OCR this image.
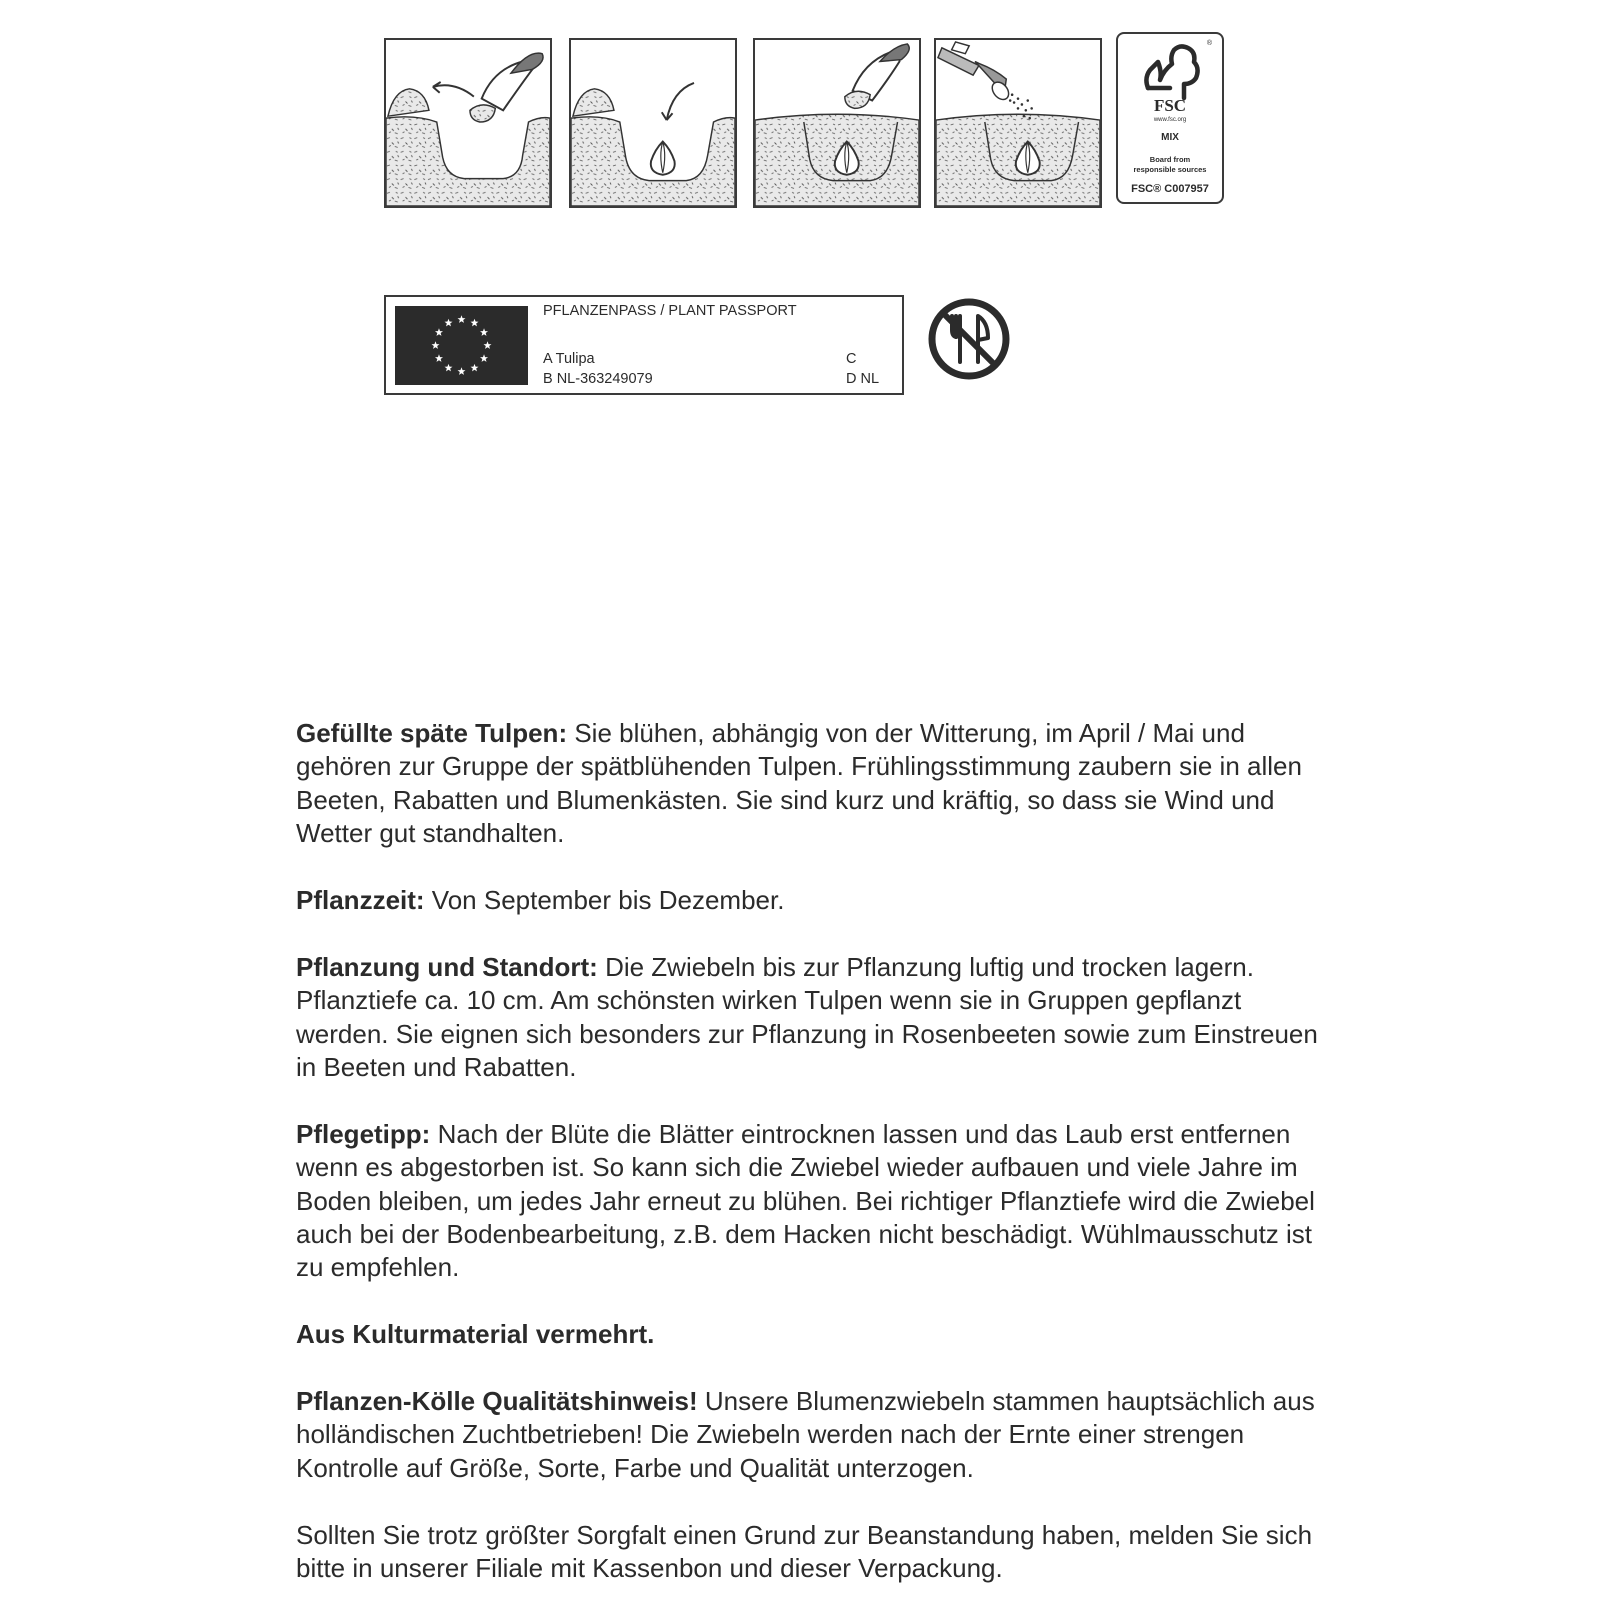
®
FSC
www.fsc.org
MIX
Board from
responsible sources
FSC® C007957
PFLANZENPASS / PLANT PASSPORT
A Tulipa
B NL-363249079
C
D NL

Gefüllte späte Tulpen: Sie blühen, abhängig von der Witterung, im April / Mai und gehören zur Gruppe der spätblühenden Tulpen. Frühlingsstimmung zaubern sie in allen Beeten, Rabatten und Blumenkästen. Sie sind kurz und kräftig, so dass sie Wind und Wetter gut standhalten.

Pflanzzeit: Von September bis Dezember.

Pflanzung und Standort: Die Zwiebeln bis zur Pflanzung luftig und trocken lagern. Pflanztiefe ca. 10 cm. Am schönsten wirken Tulpen wenn sie in Gruppen gepflanzt werden. Sie eignen sich besonders zur Pflanzung in Rosenbeeten sowie zum Einstreuen in Beeten und Rabatten.

Pflegetipp: Nach der Blüte die Blätter eintrocknen lassen und das Laub erst entfernen wenn es abgestorben ist. So kann sich die Zwiebel wieder aufbauen und viele Jahre im Boden bleiben, um jedes Jahr erneut zu blühen. Bei richtiger Pflanztiefe wird die Zwiebel auch bei der Bodenbearbeitung, z.B. dem Hacken nicht beschädigt. Wühlmausschutz ist zu empfehlen.

Aus Kulturmaterial vermehrt.

Pflanzen-Kölle Qualitätshinweis! Unsere Blumenzwiebeln stammen hauptsächlich aus holländischen Zuchtbetrieben! Die Zwiebeln werden nach der Ernte einer strengen Kontrolle auf Größe, Sorte, Farbe und Qualität unterzogen.

Sollten Sie trotz größter Sorgfalt einen Grund zur Beanstandung haben, melden Sie sich bitte in unserer Filiale mit Kassenbon und dieser Verpackung.
